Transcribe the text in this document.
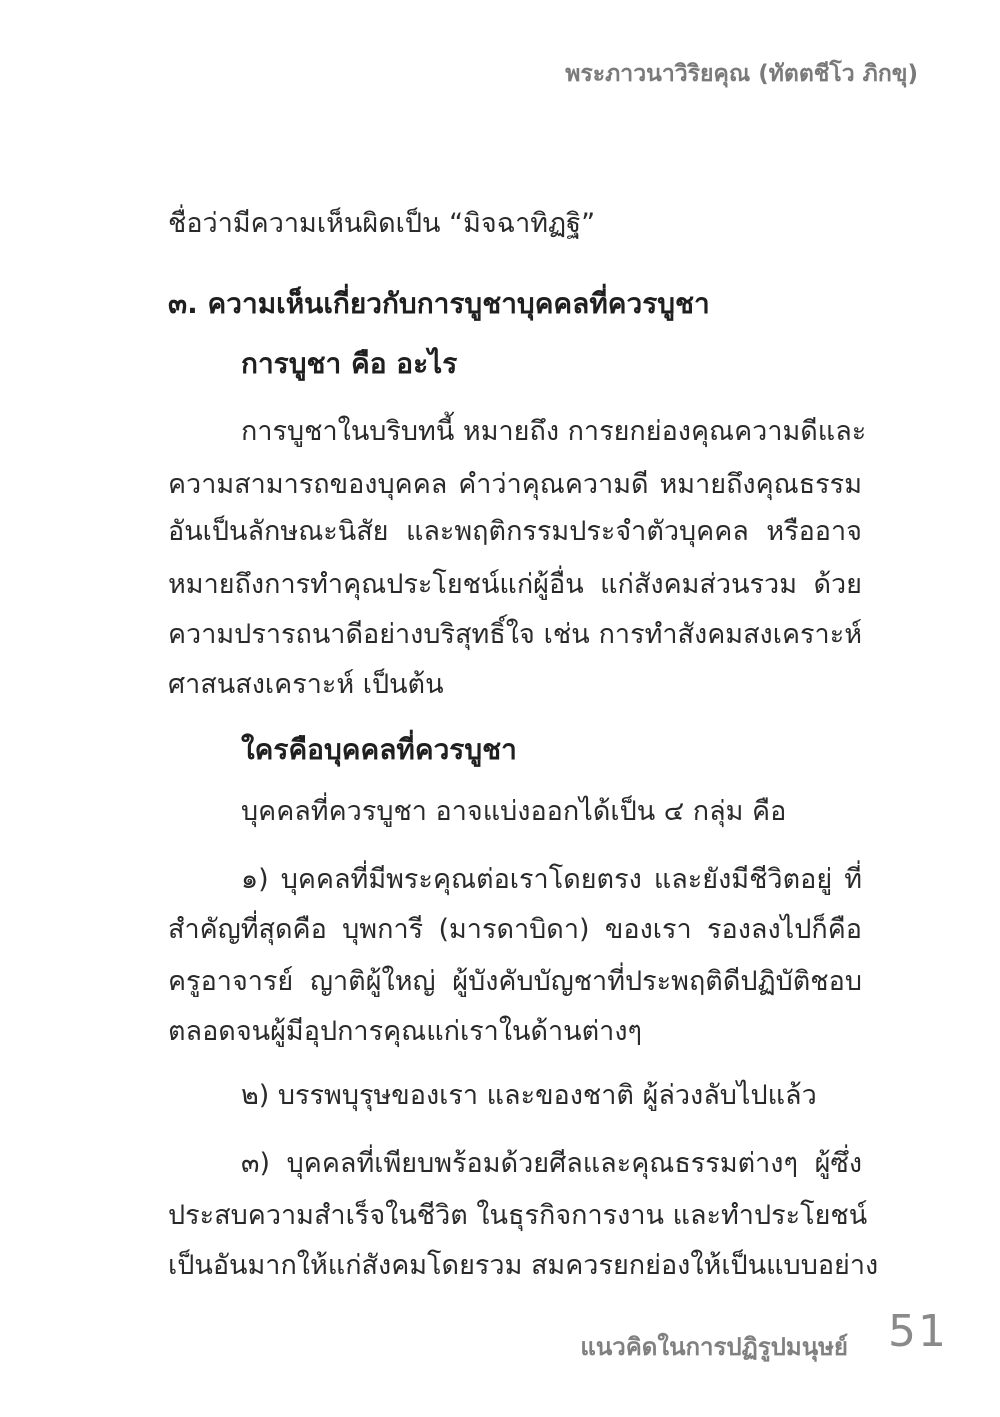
พระภาวนาวิริยคุณ (ทัตตชีโว ภิกขุ)
ชื่อว่ามีความเห็นผิดเป็น “มิจฉาทิฏฐิ”
๓. ความเห็นเกี่ยวกับการบูชาบุคคลที่ควรบูชา
การบูชา คือ อะไร
การบูชาในบริบทนี้ หมายถึง การยกย่องคุณความดีและ
ความสามารถของบุคคล คำว่าคุณความดี หมายถึงคุณธรรม
อันเป็นลักษณะนิสัย และพฤติกรรมประจำตัวบุคคล หรืออาจ
หมายถึงการทำคุณประโยชน์แก่ผู้อื่น แก่สังคมส่วนรวม ด้วย
ความปรารถนาดีอย่างบริสุทธิ์ใจ เช่น การทำสังคมสงเคราะห์
ศาสนสงเคราะห์ เป็นต้น
ใครคือบุคคลที่ควรบูชา
บุคคลที่ควรบูชา อาจแบ่งออกได้เป็น ๔ กลุ่ม คือ
๑) บุคคลที่มีพระคุณต่อเราโดยตรง และยังมีชีวิตอยู่ ที่
สำคัญที่สุดคือ บุพการี (มารดาบิดา) ของเรา รองลงไปก็คือ
ครูอาจารย์ ญาติผู้ใหญ่ ผู้บังคับบัญชาที่ประพฤติดีปฏิบัติชอบ
ตลอดจนผู้มีอุปการคุณแก่เราในด้านต่างๆ
๒) บรรพบุรุษของเรา และของชาติ ผู้ล่วงลับไปแล้ว
๓) บุคคลที่เพียบพร้อมด้วยศีลและคุณธรรมต่างๆ ผู้ซึ่ง
ประสบความสำเร็จในชีวิต ในธุรกิจการงาน และทำประโยชน์
เป็นอันมากให้แก่สังคมโดยรวม สมควรยกย่องให้เป็นแบบอย่าง
แนวคิดในการปฏิรูปมนุษย์ 51
